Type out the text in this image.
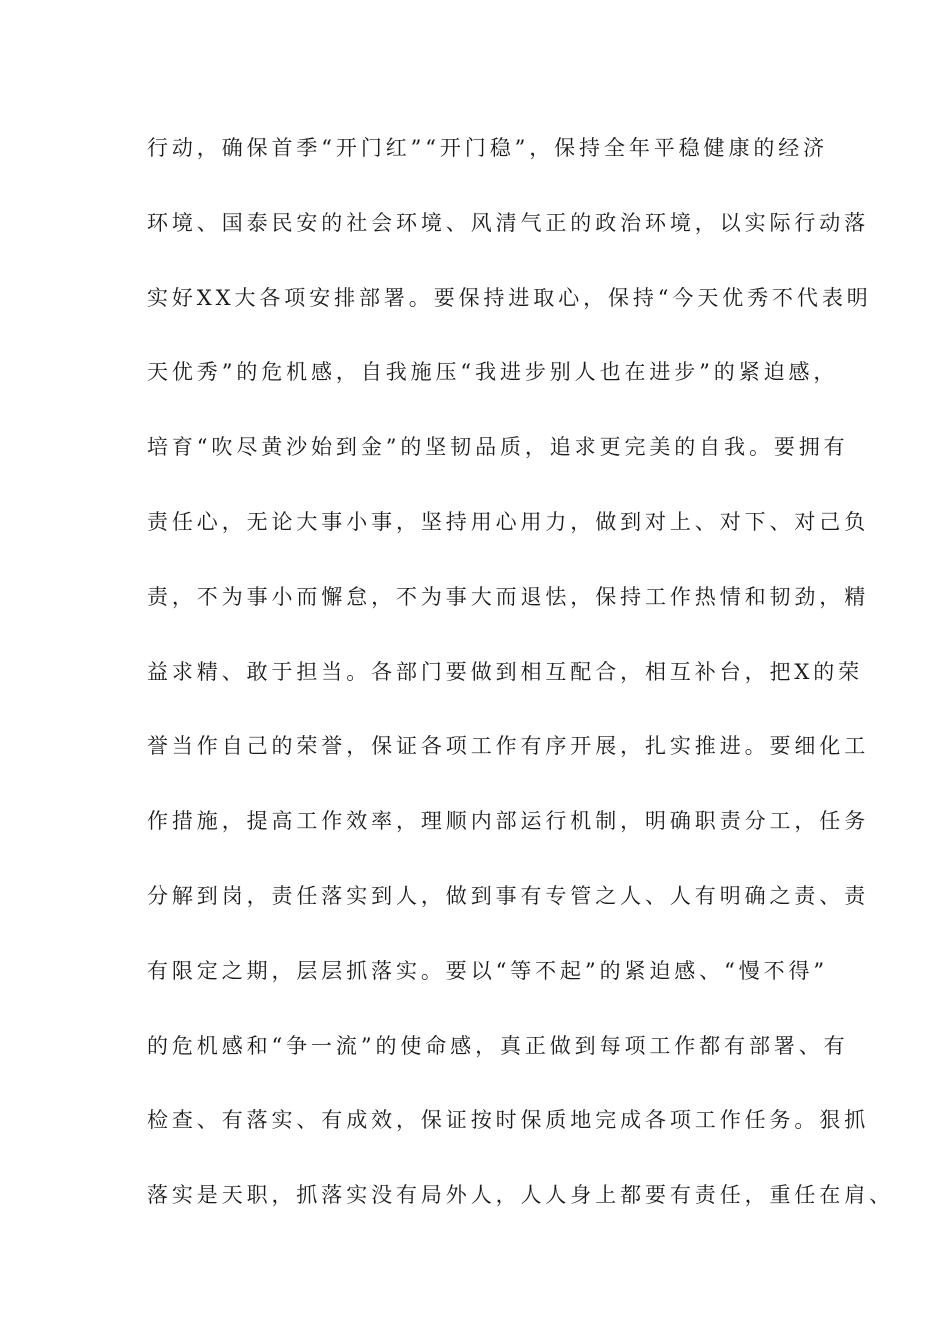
行动，确保首季“开门红”“开门稳”，保持全年平稳健康的经济
环境、国泰民安的社会环境、风清气正的政治环境，以实际行动落
实好XX大各项安排部署。要保持进取心，保持“今天优秀不代表明
天优秀”的危机感，自我施压“我进步别人也在进步”的紧迫感，
培育“吹尽黄沙始到金”的坚韧品质，追求更完美的自我。要拥有
责任心，无论大事小事，坚持用心用力，做到对上、对下、对己负
责，不为事小而懈怠，不为事大而退怯，保持工作热情和韧劲，精
益求精、敢于担当。各部门要做到相互配合，相互补台，把X的荣
誉当作自己的荣誉，保证各项工作有序开展，扎实推进。要细化工
作措施，提高工作效率，理顺内部运行机制，明确职责分工，任务
分解到岗，责任落实到人，做到事有专管之人、人有明确之责、责
有限定之期，层层抓落实。要以“等不起”的紧迫感、“慢不得”
的危机感和“争一流”的使命感，真正做到每项工作都有部署、有
检查、有落实、有成效，保证按时保质地完成各项工作任务。狠抓
落实是天职，抓落实没有局外人，人人身上都要有责任，重任在肩、
